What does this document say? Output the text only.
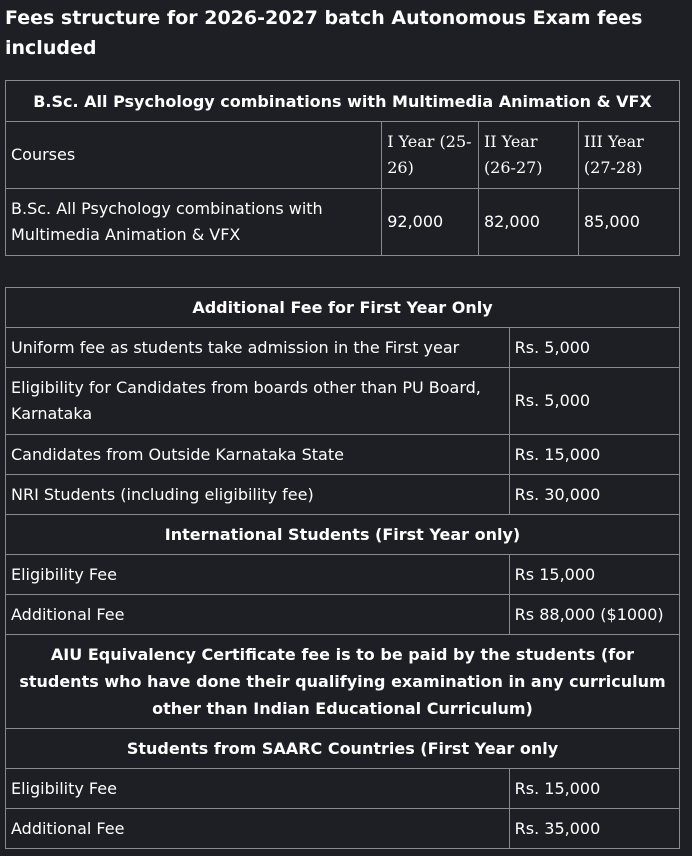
Fees structure for 2026-2027 batch Autonomous Exam fees included
B.Sc. All Psychology combinations with Multimedia Animation & VFX			
Courses	I Year (25-26)	II Year (26-27)	III Year (27-28)
B.Sc. All Psychology combinations with Multimedia Animation & VFX	92,000	82,000	85,000
Additional Fee for First Year Only	
Uniform fee as students take admission in the First year	Rs. 5,000
Eligibility for Candidates from boards other than PU Board, Karnataka	Rs. 5,000
Candidates from Outside Karnataka State	Rs. 15,000
NRI Students (including eligibility fee)	Rs. 30,000
International Students (First Year only)	
Eligibility Fee	Rs 15,000
Additional Fee	Rs 88,000 ($1000)
AIU Equivalency Certificate fee is to be paid by the students (for students who have done their qualifying examination in any curriculum other than Indian Educational Curriculum)	
Students from SAARC Countries (First Year only	
Eligibility Fee	Rs. 15,000
Additional Fee	Rs. 35,000
